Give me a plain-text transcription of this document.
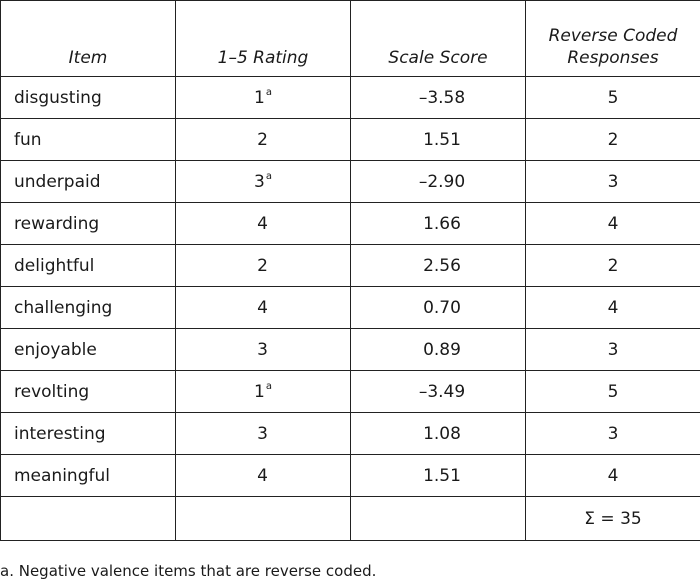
Item	1–5 Rating	Scale Score	Reverse Coded
Responses
disgusting	1$^a$	–3.58	5
fun	2	1.51	2
underpaid	3$^a$	–2.90	3
rewarding	4	1.66	4
delightful	2	2.56	2
challenging	4	0.70	4
enjoyable	3	0.89	3
revolting	1$^a$	–3.49	5
interesting	3	1.08	3
meaningful	4	1.51	4
			Σ = 35
a. Negative valence items that are reverse coded.
